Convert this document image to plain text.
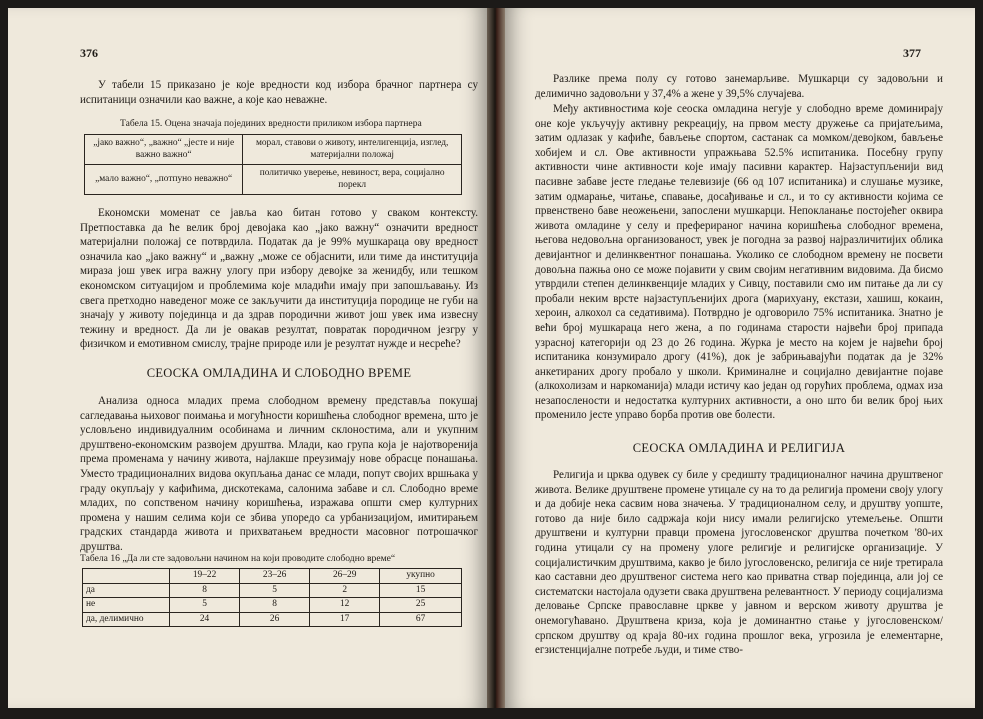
376

У табели 15 приказано је које вредности код избора брачног партнера су испитаници означили као важне, а које као неважне.

Табела 15. Оцена значаја појединих вредности приликом избора партнера

„јако важно“, „важно“ „јесте и није важно важно“	морал, ставови о животу, интелигенција, изглед, материјални положај
„мало важно“, „потпуно неважно“	политичко уверење, невиност, вера, социјално порекл

Економски моменат се јавља као битан готово у сваком контексту. Претпоставка да ће велик број девојака као „јако важну“ означити вредност материјални положај се потврдила. Податак да је 99% мушкараца ову вредност означила као „јако важну“ и „важну „може се објаснити, или тиме да институција мираза још увек игра важну улогу при избору девојке за женидбу, или тешком економском ситуацијом и проблемима које младићи имају при запошљавању. Из свега претходно наведеног може се закључити да институција породице не губи на значају у животу појединца и да здрав породични живот још увек има извесну тежину и вредност. Да ли је овакав резултат, повратак породичном језгру у физичком и емотивном смислу, трајне природе или је резултат нужде и несреће?

СЕОСКА ОМЛАДИНА И СЛОБОДНО ВРЕМЕ

Анализа односа младих према слободном времену представља покушај сагледавања њиховог поимања и могућности коришћења слободног времена, што је условљено индивидуалним особинама и личним склоностима, али и укупним друштвено-економским развојем друштва. Млади, као група која је најотворенија према променама у начину живота, најлакше преузимају нове обрасце понашања. Уместо традиционалних видова окупљања данас се млади, попут својих вршњака у граду окупљају у кафићима, дискотекама, салонима забаве и сл. Слободно време младих, по сопственом начину коришћења, изражава општи смер културних промена у нашим селима који се збива упоредо са урбанизацијом, имитирањем градских стандарда живота и прихватањем вредности масовног потрошачког друштва.

Табела 16 „Да ли сте задовољни начином на који проводите слободно време“

	19–22	23–26	26–29	укупно
да	8	5	2	15
не	5	8	12	25
да, делимично	24	26	17	67
377

Разлике према полу су готово занемарљиве. Мушкарци су задовољни и делимично задовољни у 37,4% а жене у 39,5% случајева.

Међу активностима које сеоска омладина негује у слободно време доминирају оне које укључују активну рекреацију, на првом месту дружење са пријатељима, затим одлазак у кафиће, бављење спортом, састанак са момком/девојком, бављење хобијем и сл. Ове активности упражњава 52.5% испитаника. Посебну групу активности чине активности које имају пасивни карактер. Најзаступљенији вид пасивне забаве јесте гледање телевизије (66 од 107 испитаника) и слушање музике, затим одмарање, читање, спавање, досађивање и сл., и то су активности којима се првенствено баве неожењени, запослени мушкарци. Непокланање постојећег оквира живота омладине у селу и преферираног начина коришћења слободног времена, његова недовољна организованост, увек је погодна за развој најразличитијих облика девијантног и делинквентног понашања. Уколико се слободном времену не посвети довољна пажња оно се може појавити у свим својим негативним видовима. Да бисмо утврдили степен делинквенције младих у Сивцу, поставили смо им питање да ли су пробали неким врсте најзаступљенијих дрога (марихуану, екстази, хашиш, кокаин, хероин, алкохол са седативима). Потврдно је одговорило 75% испитаника. Знатно је већи број мушкараца него жена, а по годинама старости највећи број припада узрасној категорији од 23 до 26 година. Журка је место на којем је највећи број испитаника конзумирало дрогу (41%), док је забрињавајући податак да је 32% анкетираних дрогу пробало у школи. Криминалне и социјално девијантне појаве (алкохолизам и наркоманија) млади истичу као један од горућих проблема, одмах иза незапослености и недостатка културних активности, а оно што би велик број њих променило јесте управо борба против ове болести.

СЕОСКА ОМЛАДИНА И РЕЛИГИЈА

Религија и црква одувек су биле у средишту традиционалног начина друштвеног живота. Велике друштвене промене утицале су на то да религија промени своју улогу и да добије нека сасвим нова значења. У традиционалном селу, и друштву уопште, готово да није било садржаја који нису имали религијско утемељење. Општи друштвени и културни правци промена југословенског друштва почетком '80-их година утицали су на промену улоге религије и религијске организације. У социјалистичким друштвима, какво је било југословенско, религија се није третирала као саставни део друштвеног система него као приватна ствар појединца, али јој се систематски настојала одузети свака друштвена релевантност. У периоду социјализма деловање Српске православне цркве у јавном и верском животу друштва је онемогућавано. Друштвена криза, која је доминантно стање у југословенском/српском друштву од краја 80-их година прошлог века, угрозила је елементарне, егзистенцијалне потребе људи, и тиме ство-
